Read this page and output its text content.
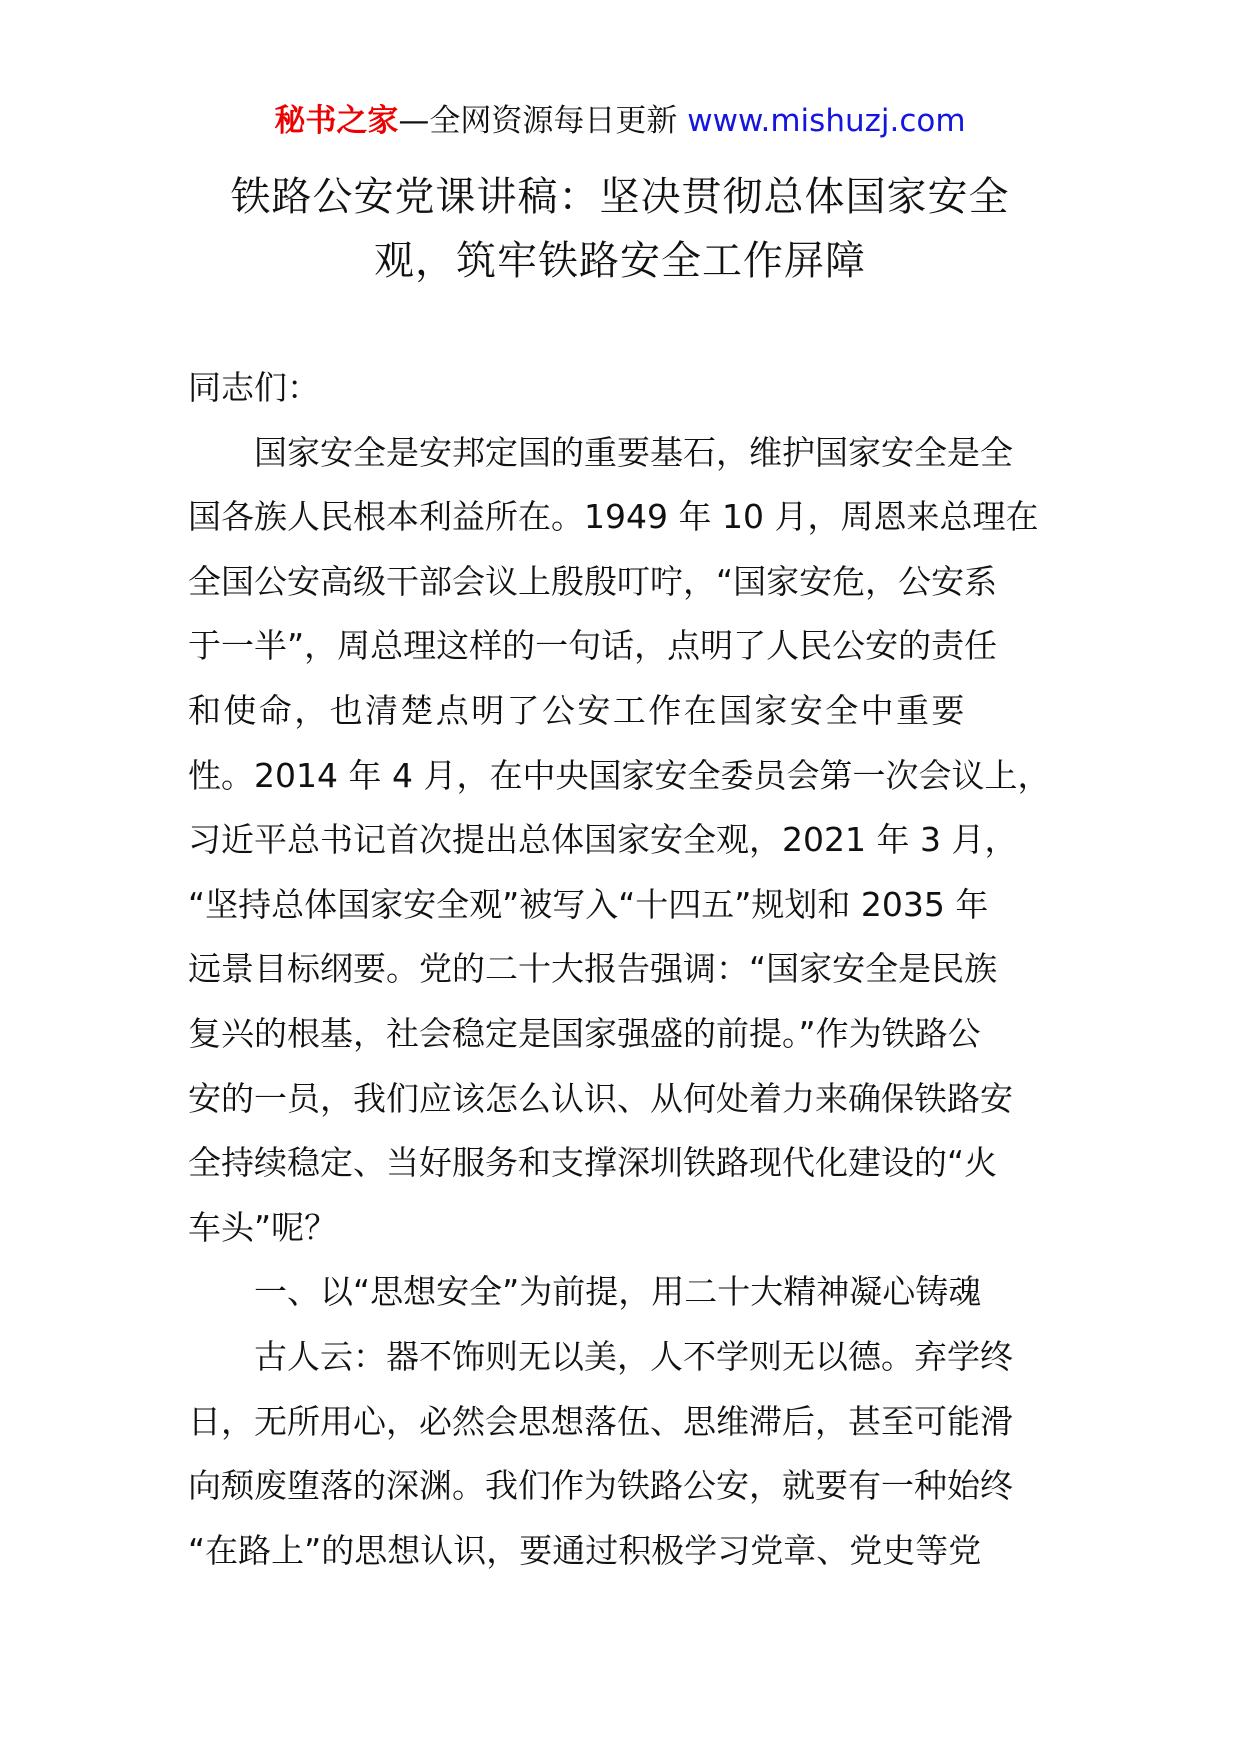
秘书之家—全网资源每日更新 www.mishuzj.com
铁路公安党课讲稿：坚决贯彻总体国家安全
观，筑牢铁路安全工作屏障
同志们：
国家安全是安邦定国的重要基石，维护国家安全是全
国各族人民根本利益所在。1949 年 10 月，周恩来总理在
全国公安高级干部会议上殷殷叮咛，“国家安危，公安系
于一半”，周总理这样的一句话，点明了人民公安的责任
和使命，也清楚点明了公安工作在国家安全中重要
性。2014 年 4 月，在中央国家安全委员会第一次会议上，
习近平总书记首次提出总体国家安全观，2021 年 3 月，
“坚持总体国家安全观”被写入“十四五”规划和 2035 年
远景目标纲要。党的二十大报告强调：“国家安全是民族
复兴的根基，社会稳定是国家强盛的前提。”作为铁路公
安的一员，我们应该怎么认识、从何处着力来确保铁路安
全持续稳定、当好服务和支撑深圳铁路现代化建设的“火
车头”呢？
一、以“思想安全”为前提，用二十大精神凝心铸魂
古人云：器不饰则无以美，人不学则无以德。弃学终
日，无所用心，必然会思想落伍、思维滞后，甚至可能滑
向颓废堕落的深渊。我们作为铁路公安，就要有一种始终
“在路上”的思想认识，要通过积极学习党章、党史等党
